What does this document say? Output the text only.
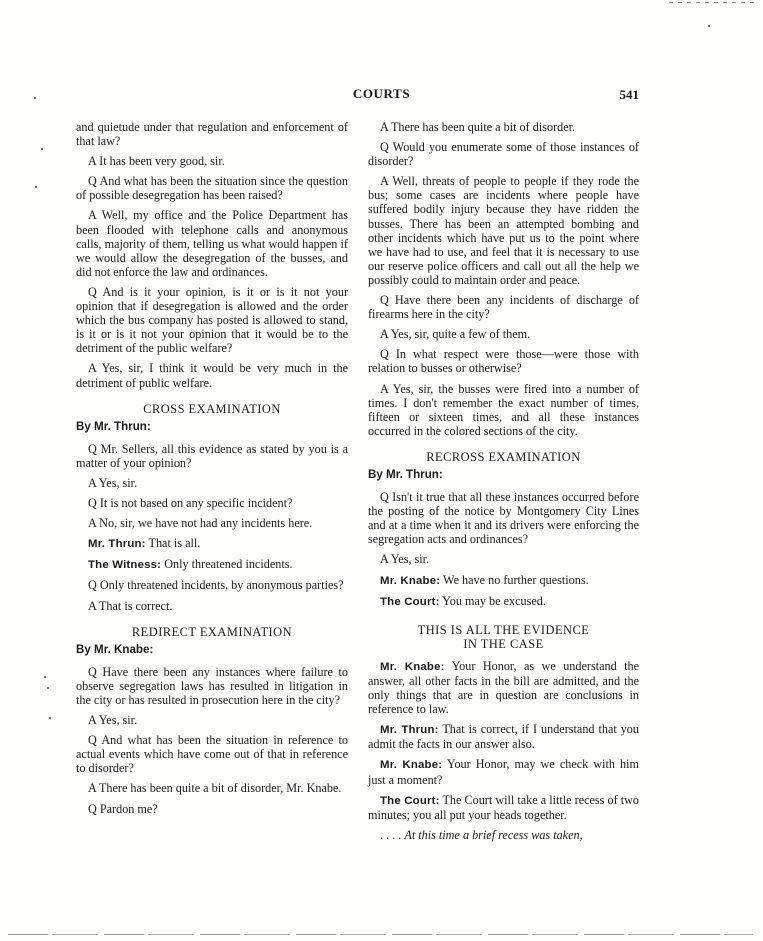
COURTS	541

and quietude under that regulation and enforcement of that law?

A It has been very good, sir.

Q And what has been the situation since the question of possible desegregation has been raised?

A Well, my office and the Police Department has been flooded with telephone calls and anonymous calls, majority of them, telling us what would happen if we would allow the desegregation of the busses, and did not enforce the law and ordinances.

Q And is it your opinion, is it or is it not your opinion that if desegregation is allowed and the order which the bus company has posted is allowed to stand, is it or is it not your opinion that it would be to the detriment of the public welfare?

A Yes, sir, I think it would be very much in the detriment of public welfare.

CROSS EXAMINATION
By Mr. Thrun:

Q Mr. Sellers, all this evidence as stated by you is a matter of your opinion?

A Yes, sir.

Q It is not based on any specific incident?

A No, sir, we have not had any incidents here.

Mr. Thrun: That is all.

The Witness: Only threatened incidents.

Q Only threatened incidents, by anonymous parties?

A That is correct.

REDIRECT EXAMINATION
By Mr. Knabe:

Q Have there been any instances where failure to observe segregation laws has resulted in litigation in the city or has resulted in prosecution here in the city?

A Yes, sir.

Q And what has been the situation in reference to actual events which have come out of that in reference to disorder?

A There has been quite a bit of disorder, Mr. Knabe.

Q Pardon me?

A There has been quite a bit of disorder.

Q Would you enumerate some of those instances of disorder?

A Well, threats of people to people if they rode the bus; some cases are incidents where people have suffered bodily injury because they have ridden the busses. There has been an attempted bombing and other incidents which have put us to the point where we have had to use, and feel that it is necessary to use our reserve police officers and call out all the help we possibly could to maintain order and peace.

Q Have there been any incidents of discharge of firearms here in the city?

A Yes, sir, quite a few of them.

Q In what respect were those—were those with relation to busses or otherwise?

A Yes, sir, the busses were fired into a number of times. I don't remember the exact number of times, fifteen or sixteen times, and all these instances occurred in the colored sections of the city.

RECROSS EXAMINATION
By Mr. Thrun:

Q Isn't it true that all these instances occurred before the posting of the notice by Montgomery City Lines and at a time when it and its drivers were enforcing the segregation acts and ordinances?

A Yes, sir.

Mr. Knabe: We have no further questions.

The Court: You may be excused.

THIS IS ALL THE EVIDENCE
IN THE CASE

Mr. Knabe: Your Honor, as we understand the answer, all other facts in the bill are admitted, and the only things that are in question are conclusions in reference to law.

Mr. Thrun: That is correct, if I understand that you admit the facts in our answer also.

Mr. Knabe: Your Honor, may we check with him just a moment?

The Court: The Court will take a little recess of two minutes; you all put your heads together.

. . . . At this time a brief recess was taken,
